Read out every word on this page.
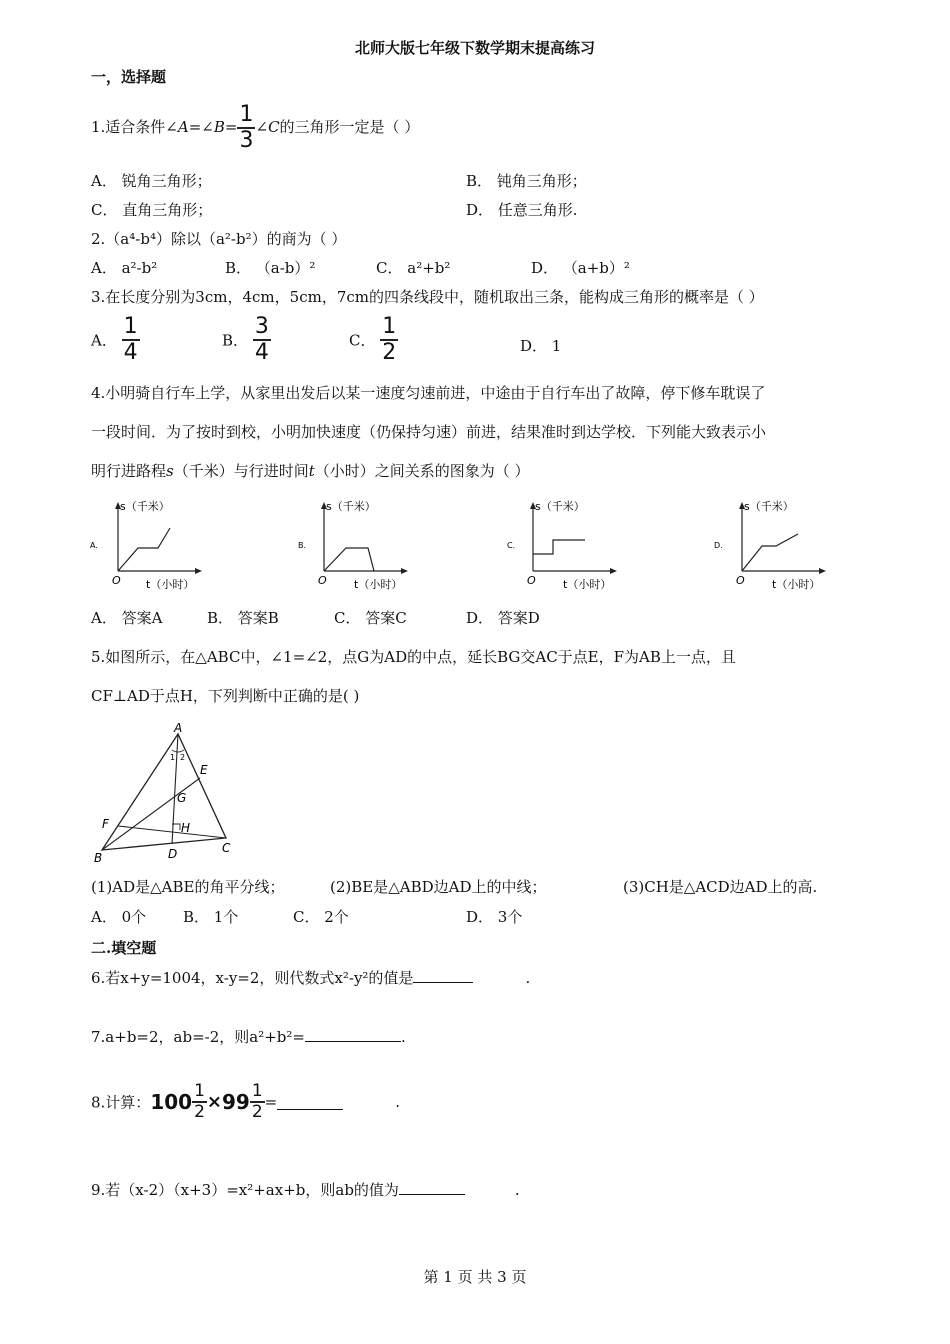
北师大版七年级下数学期末提高练习
一，选择题
1.适合条件∠A=∠B= $\frac{1}{3}$ ∠C的三角形一定是（ ）
A． 锐角三角形；	B． 钝角三角形；
C． 直角三角形；	D． 任意三角形.
2.（a⁴-b⁴）除以（a²-b²）的商为（ ）
A． a²-b²	B． （a-b）²	C． a²+b²	D． （a+b）²
3.在长度分别为3cm，4cm，5cm，7cm的四条线段中，随机取出三条，能构成三角形的概率是（ ）
A． $\frac{1}{4}$	B． $\frac{3}{4}$	C． $\frac{1}{2}$	D． 1
4.小明骑自行车上学，从家里出发后以某一速度匀速前进，中途由于自行车出了故障，停下修车耽误了
一段时间．为了按时到校，小明加快速度（仍保持匀速）前进，结果准时到达学校．下列能大致表示小
明行进路程s（千米）与行进时间t（小时）之间关系的图象为（ ）
A.
s（千米）
O t（小时）
B.
s（千米）
O t（小时）
C.
s（千米）
O t（小时）
D.
s（千米）
O t（小时）
A． 答案A	B． 答案B	C． 答案C	D． 答案D
5.如图所示，在△ABC中，∠1=∠2，点G为AD的中点，延长BG交AC于点E，F为AB上一点，且
CF⊥AD于点H，下列判断中正确的是( )
A
B
C
D
E
F
G
H
1 2
(1)AD是△ABE的角平分线；	(2)BE是△ABD边AD上的中线；	(3)CH是△ACD边AD上的高.
A． 0个 B． 1个	C． 2个	D． 3个
二.填空题
6.若x+y=1004，x-y=2，则代数式x²-y²的值是	.
7.a+b=2，ab=-2，则a²+b²=	.
8.计算：$100 \frac{1}{2} \times 99 \frac{1}{2}$ =	.
9.若（x-2）（x+3）=x²+ax+b，则ab的值为	.
第 1 页 共 3 页
